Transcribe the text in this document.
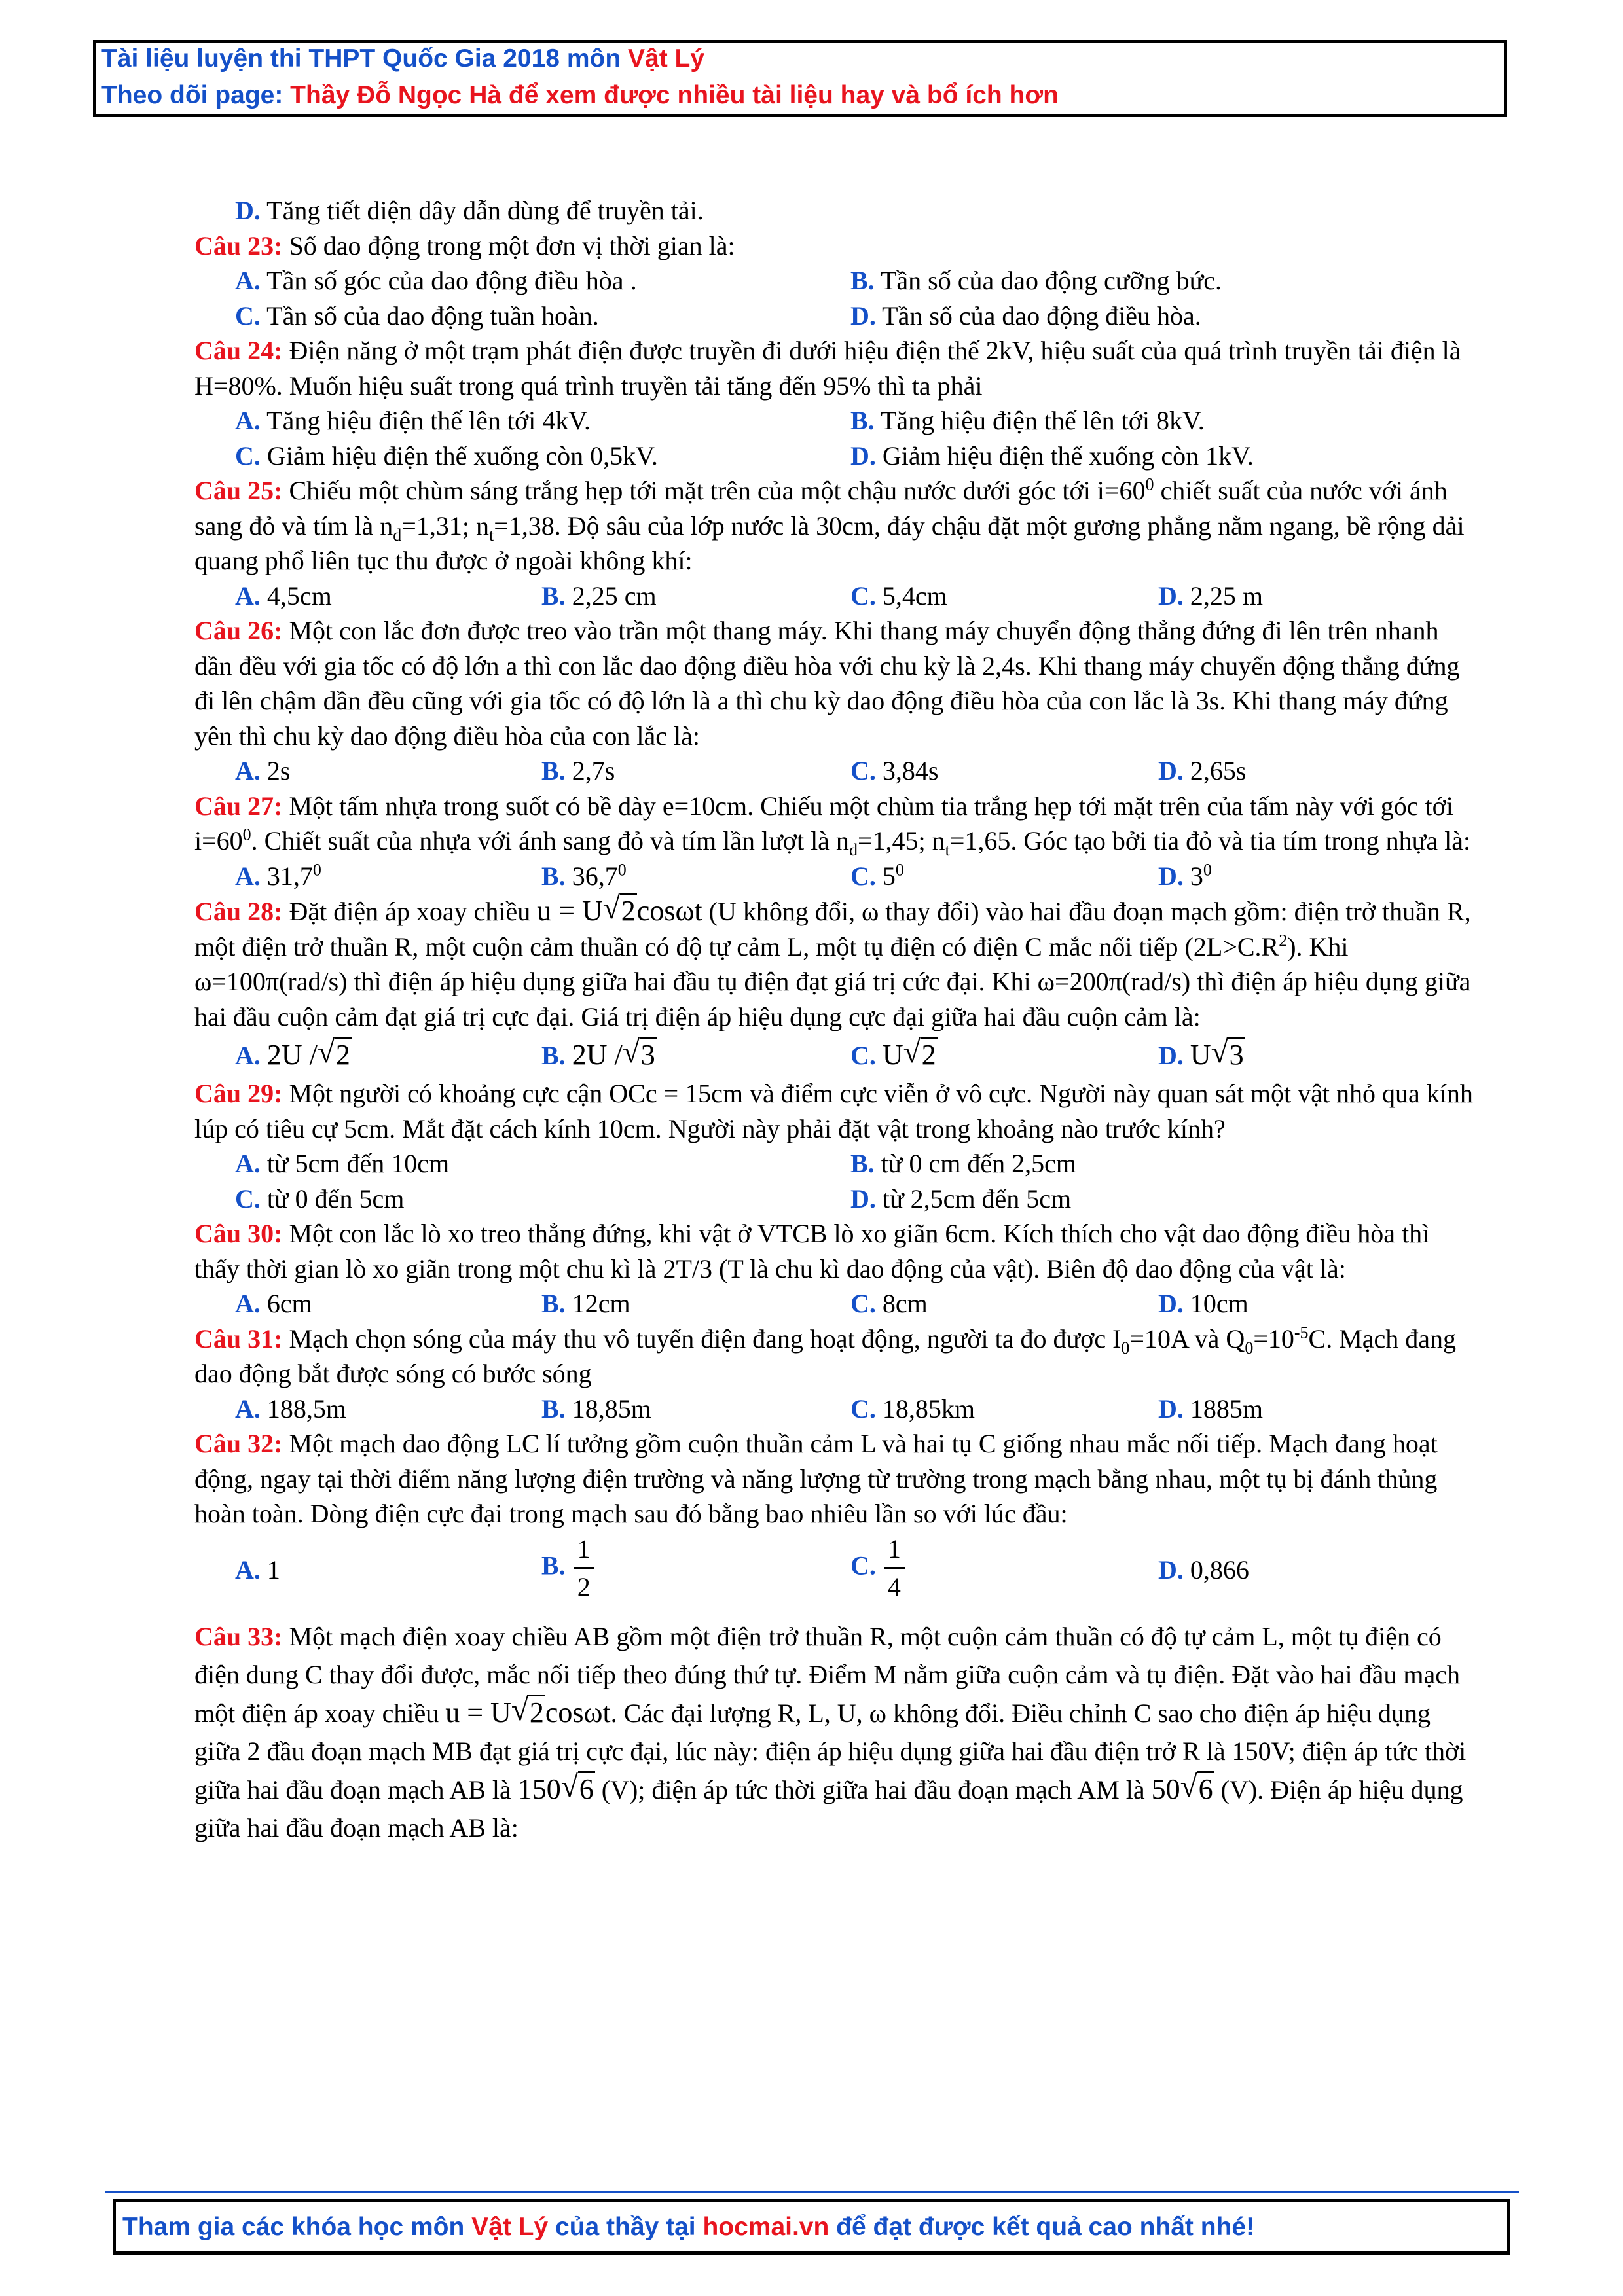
Tài liệu luyện thi THPT Quốc Gia 2018 môn Vật Lý
Theo dõi page: Thầy Đỗ Ngọc Hà để xem được nhiều tài liệu hay và bổ ích hơn
D. Tăng tiết diện dây dẫn dùng để truyền tải.

Câu 23: Số dao động trong một đơn vị thời gian là:

A. Tần số góc của dao động điều hòa .	B. Tần số của dao động cưỡng bức.
C. Tần số của dao động tuần hoàn.	D. Tần số của dao động điều hòa.

Câu 24: Điện năng ở một trạm phát điện được truyền đi dưới hiệu điện thế 2kV, hiệu suất của quá trình truyền tải điện là H=80%. Muốn hiệu suất trong quá trình truyền tải tăng đến 95% thì ta phải

A. Tăng hiệu điện thế lên tới 4kV.	B. Tăng hiệu điện thế lên tới 8kV.
C. Giảm hiệu điện thế xuống còn 0,5kV.	D. Giảm hiệu điện thế xuống còn 1kV.

Câu 25: Chiếu một chùm sáng trắng hẹp tới mặt trên của một chậu nước dưới góc tới $i=60^0$ chiết suất của nước với ánh sang đỏ và tím là $n_d=1,31$; $n_t=1,38$. Độ sâu của lớp nước là 30cm, đáy chậu đặt một gương phẳng nằm ngang, bề rộng dải quang phổ liên tục thu được ở ngoài không khí:

A. 4,5cm	B. 2,25 cm	C. 5,4cm	D. 2,25 m

Câu 26: Một con lắc đơn được treo vào trần một thang máy. Khi thang máy chuyển động thẳng đứng đi lên trên nhanh dần đều với gia tốc có độ lớn a thì con lắc dao động điều hòa với chu kỳ là 2,4s. Khi thang máy chuyển động thẳng đứng đi lên chậm dần đều cũng với gia tốc có độ lớn là a thì chu kỳ dao động điều hòa của con lắc là 3s. Khi thang máy đứng yên thì chu kỳ dao động điều hòa của con lắc là:

A. 2s	B. 2,7s	C. 3,84s	D. 2,65s

Câu 27: Một tấm nhựa trong suốt có bề dày e=10cm. Chiếu một chùm tia trắng hẹp tới mặt trên của tấm này với góc tới $i=60^0$. Chiết suất của nhựa với ánh sang đỏ và tím lần lượt là $n_d=1,45$; $n_t=1,65$. Góc tạo bởi tia đỏ và tia tím trong nhựa là:

A. 31,7$^0$	B. 36,7$^0$	C. $5^0$	D. $3^0$

Câu 28: Đặt điện áp xoay chiều u = U √ 2cosωt (U không đổi, ω thay đổi) vào hai đầu đoạn mạch gồm: điện trở thuần R, một điện trở thuần R, một cuộn cảm thuần có độ tự cảm L, một tụ điện có điện C mắc nối tiếp $(2L>C.R^2)$. Khi ω=100π(rad/s) thì điện áp hiệu dụng giữa hai đầu tụ điện đạt giá trị cức đại. Khi ω=200π(rad/s) thì điện áp hiệu dụng giữa hai đầu cuộn cảm đạt giá trị cực đại. Giá trị điện áp hiệu dụng cực đại giữa hai đầu cuộn cảm là:

A. 2U / √ 2	B. 2U / √ 3	C. U √ 2	D. U √ 3

Câu 29: Một người có khoảng cực cận OCc = 15cm và điểm cực viễn ở vô cực. Người này quan sát một vật nhỏ qua kính lúp có tiêu cự 5cm. Mắt đặt cách kính 10cm. Người này phải đặt vật trong khoảng nào trước kính?

A. từ 5cm đến 10cm	B. từ 0 cm đến 2,5cm
C. từ 0 đến 5cm	D. từ 2,5cm đến 5cm

Câu 30: Một con lắc lò xo treo thẳng đứng, khi vật ở VTCB lò xo giãn 6cm. Kích thích cho vật dao động điều hòa thì thấy thời gian lò xo giãn trong một chu kì là 2T/3 (T là chu kì dao động của vật). Biên độ dao động của vật là:

A. 6cm	B. 12cm	C. 8cm	D. 10cm

Câu 31: Mạch chọn sóng của máy thu vô tuyến điện đang hoạt động, người ta đo được $I_0=10A$ và $Q_0=10^{-5}C$. Mạch đang dao động bắt được sóng có bước sóng

A. 188,5m	B. 18,85m	C. 18,85km	D. 1885m

Câu 32: Một mạch dao động LC lí tưởng gồm cuộn thuần cảm L và hai tụ C giống nhau mắc nối tiếp. Mạch đang hoạt động, ngay tại thời điểm năng lượng điện trường và năng lượng từ trường trong mạch bằng nhau, một tụ bị đánh thủng hoàn toàn. Dòng điện cực đại trong mạch sau đó bằng bao nhiêu lần so với lúc đầu:

A. 1	B. $\frac{1}{2}$	C. $\frac{1}{4}$	D. 0,866

Câu 33: Một mạch điện xoay chiều AB gồm một điện trở thuần R, một cuộn cảm thuần có độ tự cảm L, một tụ điện có điện dung C thay đổi được, mắc nối tiếp theo đúng thứ tự. Điểm M nằm giữa cuộn cảm và tụ điện. Đặt vào hai đầu mạch một điện áp xoay chiều u = U √ 2cosωt. Các đại lượng R, L, U, ω không đổi. Điều chỉnh C sao cho điện áp hiệu dụng giữa 2 đầu đoạn mạch MB đạt giá trị cực đại, lúc này: điện áp hiệu dụng giữa hai đầu điện trở R là 150V; điện áp tức thời giữa hai đầu đoạn mạch AB là 150 √ 6 (V); điện áp tức thời giữa hai đầu đoạn mạch AM là 50 √ 6 (V). Điện áp hiệu dụng giữa hai đầu đoạn mạch AB là:

Tham gia các khóa học môn Vật Lý của thầy tại hocmai.vn để đạt được kết quả cao nhất nhé!
